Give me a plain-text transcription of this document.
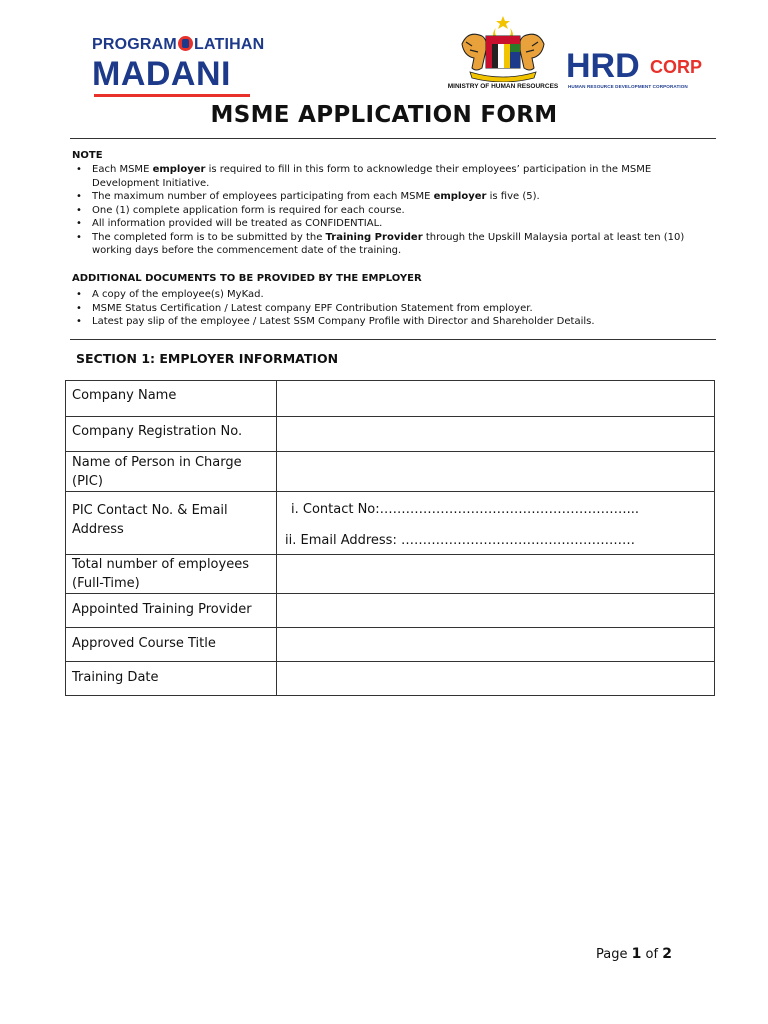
PROGRAM LATIHAN
MADANI	MINISTRY OF HUMAN RESOURCES
HRD CORP
HUMAN RESOURCE DEVELOPMENT CORPORATION
MSME APPLICATION FORM
NOTE
• Each MSME employer is required to fill in this form to acknowledge their employees’ participation in the MSME Development Initiative.
• The maximum number of employees participating from each MSME employer is five (5).
• One (1) complete application form is required for each course.
• All information provided will be treated as CONFIDENTIAL.
• The completed form is to be submitted by the Training Provider through the Upskill Malaysia portal at least ten (10) working days before the commencement date of the training.
ADDITIONAL DOCUMENTS TO BE PROVIDED BY THE EMPLOYER
• A copy of the employee(s) MyKad.
• MSME Status Certification / Latest company EPF Contribution Statement from employer.
• Latest pay slip of the employee / Latest SSM Company Profile with Director and Shareholder Details.
SECTION 1: EMPLOYER INFORMATION
Company Name	
Company Registration No.	
Name of Person in Charge (PIC)	
PIC Contact No. & Email Address	i. Contact No:…………………………………………………...
ii. Email Address: ………………………………………………

Total number of employees (Full-Time)	
Appointed Training Provider	
Approved Course Title	
Training Date	
Page 1 of 2
